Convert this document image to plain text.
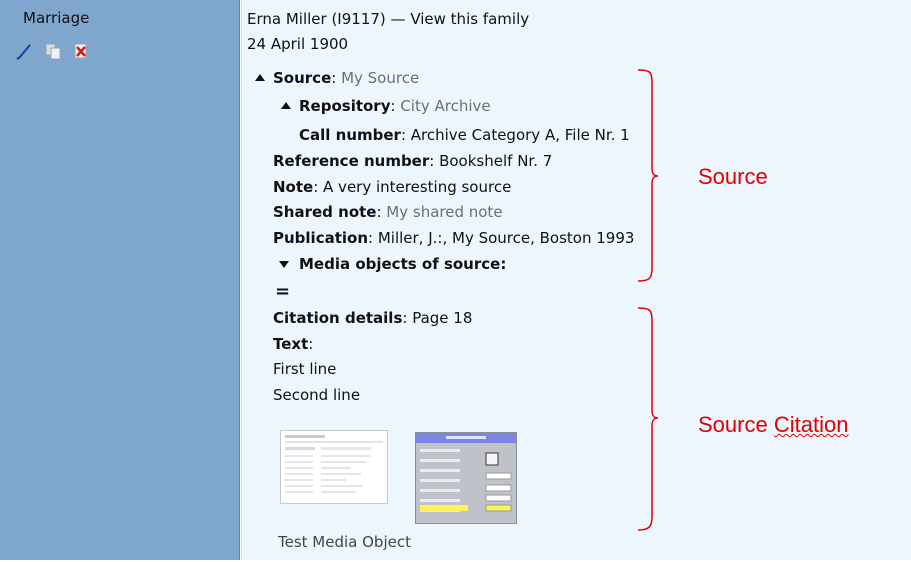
Marriage	Erna Miller (I9117) — View this family
24 April 1900
Source: My Source
Repository: City Archive
Call number: Archive Category A, File Nr. 1
Reference number: Bookshelf Nr. 7
Note: A very interesting source
Shared note: My shared note
Publication: Miller, J.:, My Source, Boston 1993
Media objects of source:
=
Citation details: Page 18
Text:
First line
Second line
Test Media Object
Source
Source Citation
